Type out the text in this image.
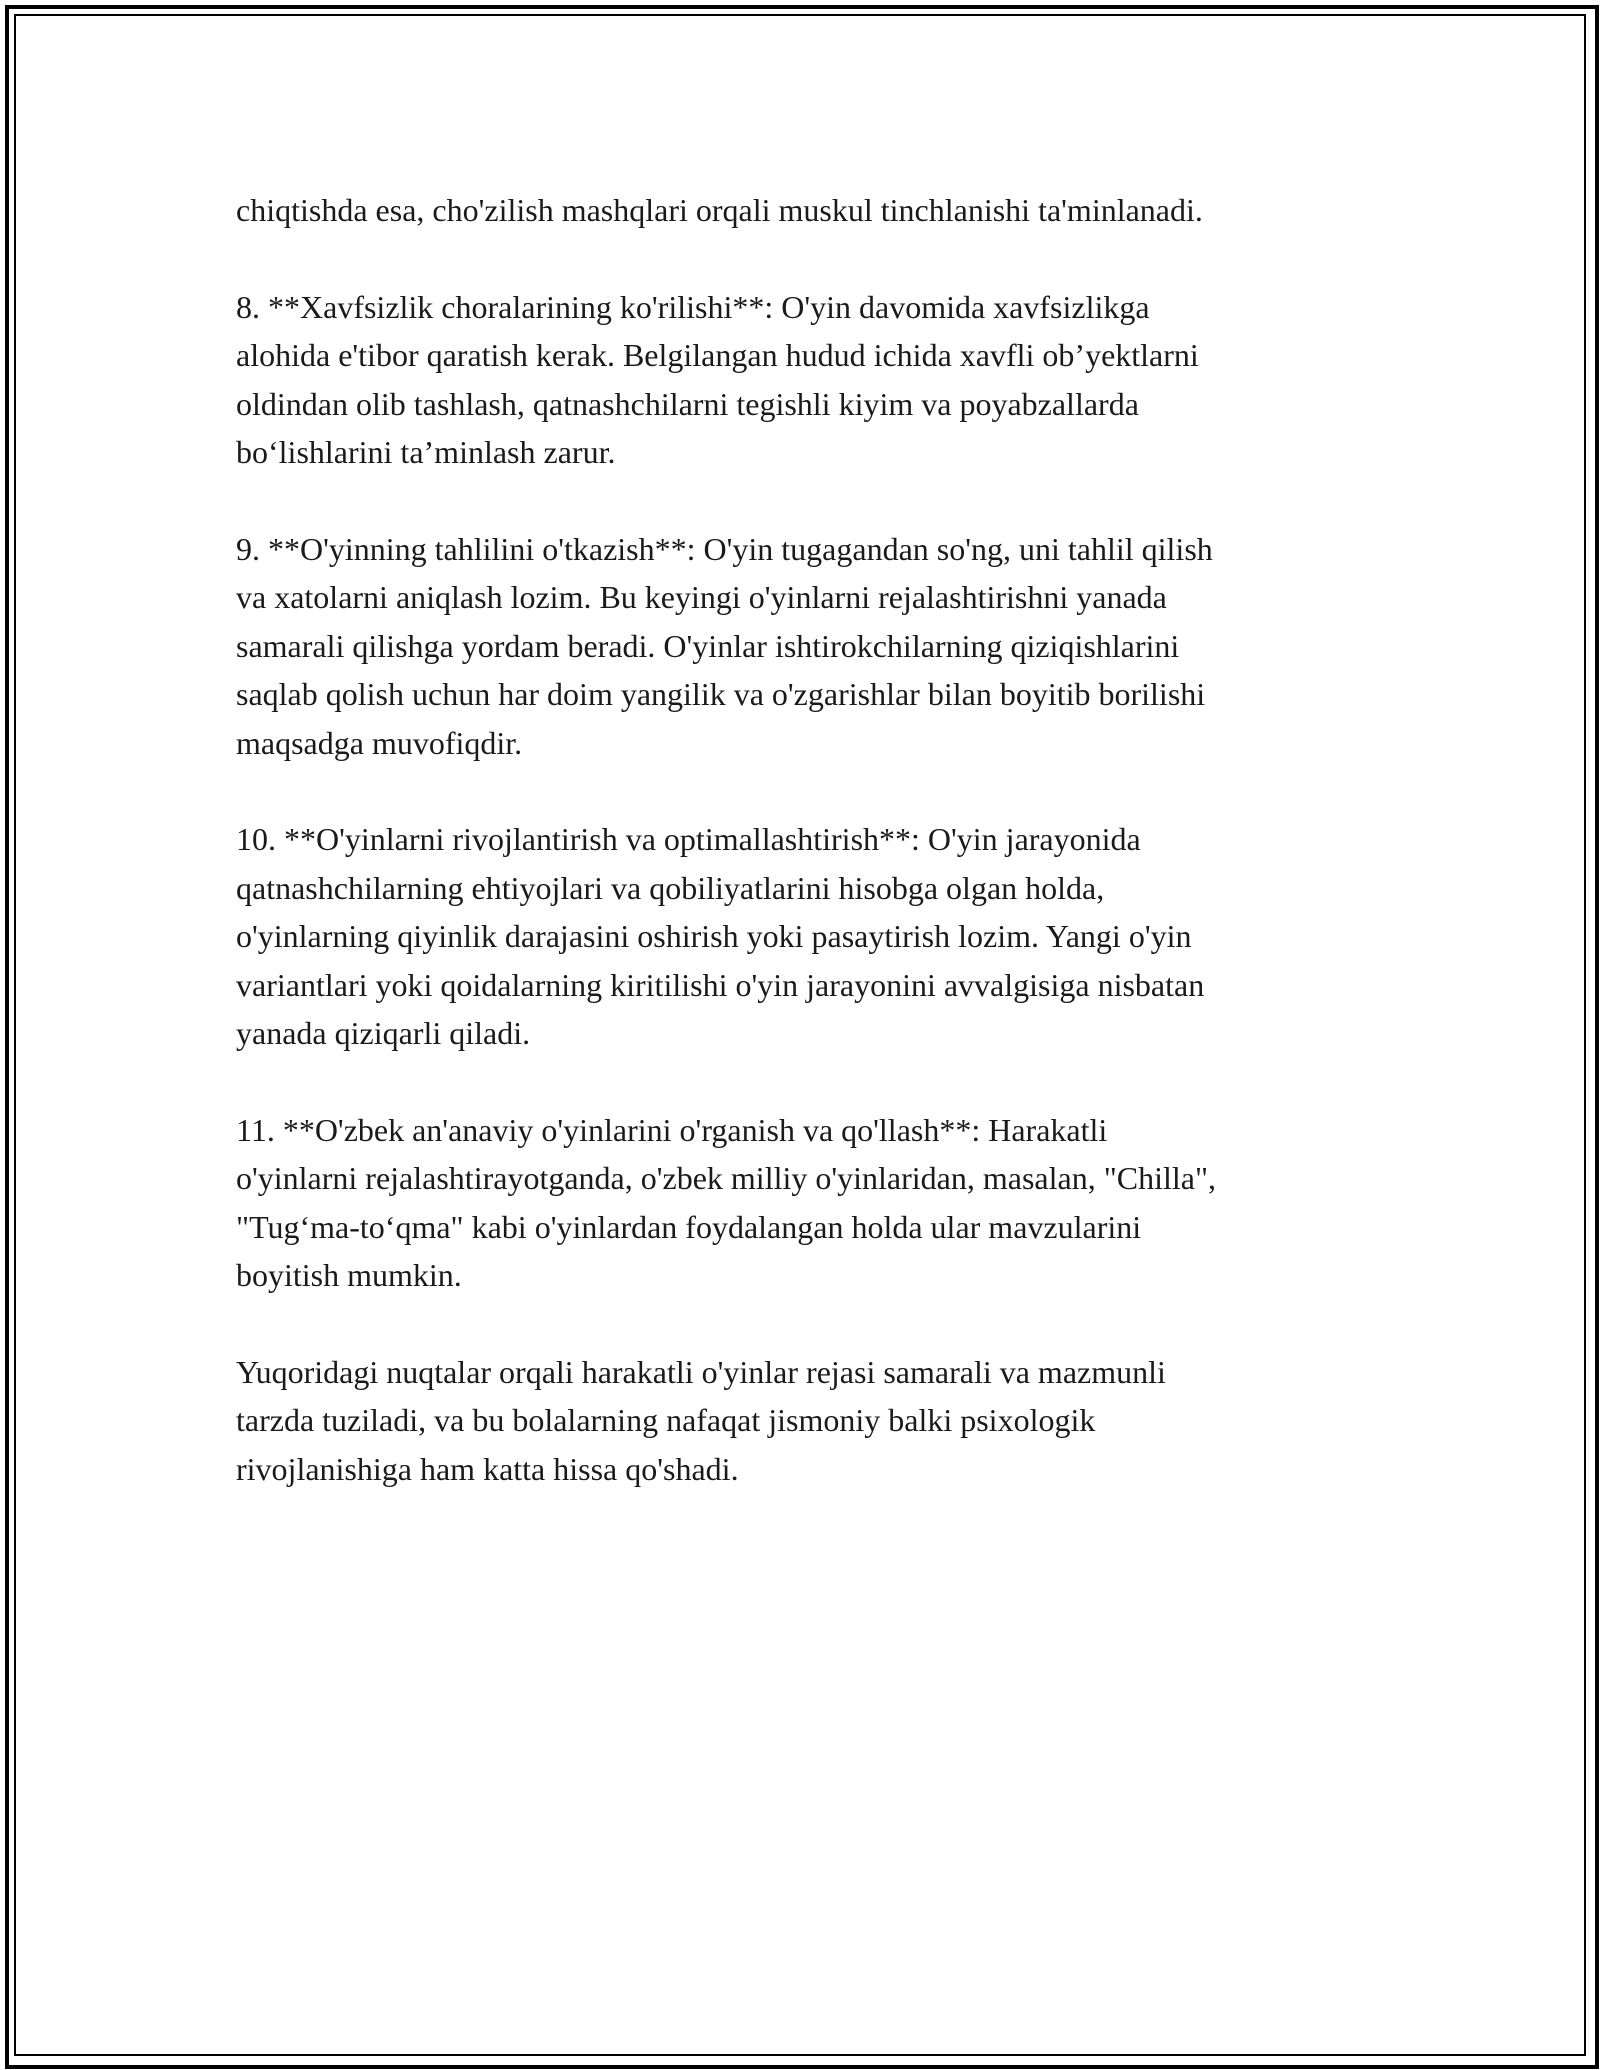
chiqtishda esa, cho'zilish mashqlari orqali muskul tinchlanishi ta'minlanadi.

8. **Xavfsizlik choralarining ko'rilishi**: O'yin davomida xavfsizlikga
alohida e'tibor qaratish kerak. Belgilangan hudud ichida xavfli ob’yektlarni
oldindan olib tashlash, qatnashchilarni tegishli kiyim va poyabzallarda
bo‘lishlarini ta’minlash zarur.

9. **O'yinning tahlilini o'tkazish**: O'yin tugagandan so'ng, uni tahlil qilish
va xatolarni aniqlash lozim. Bu keyingi o'yinlarni rejalashtirishni yanada
samarali qilishga yordam beradi. O'yinlar ishtirokchilarning qiziqishlarini
saqlab qolish uchun har doim yangilik va o'zgarishlar bilan boyitib borilishi
maqsadga muvofiqdir.

10. **O'yinlarni rivojlantirish va optimallashtirish**: O'yin jarayonida
qatnashchilarning ehtiyojlari va qobiliyatlarini hisobga olgan holda,
o'yinlarning qiyinlik darajasini oshirish yoki pasaytirish lozim. Yangi o'yin
variantlari yoki qoidalarning kiritilishi o'yin jarayonini avvalgisiga nisbatan
yanada qiziqarli qiladi.

11. **O'zbek an'anaviy o'yinlarini o'rganish va qo'llash**: Harakatli
o'yinlarni rejalashtirayotganda, o'zbek milliy o'yinlaridan, masalan, "Chilla",
"Tug‘ma-to‘qma" kabi o'yinlardan foydalangan holda ular mavzularini
boyitish mumkin.

Yuqoridagi nuqtalar orqali harakatli o'yinlar rejasi samarali va mazmunli
tarzda tuziladi, va bu bolalarning nafaqat jismoniy balki psixologik
rivojlanishiga ham katta hissa qo'shadi.
